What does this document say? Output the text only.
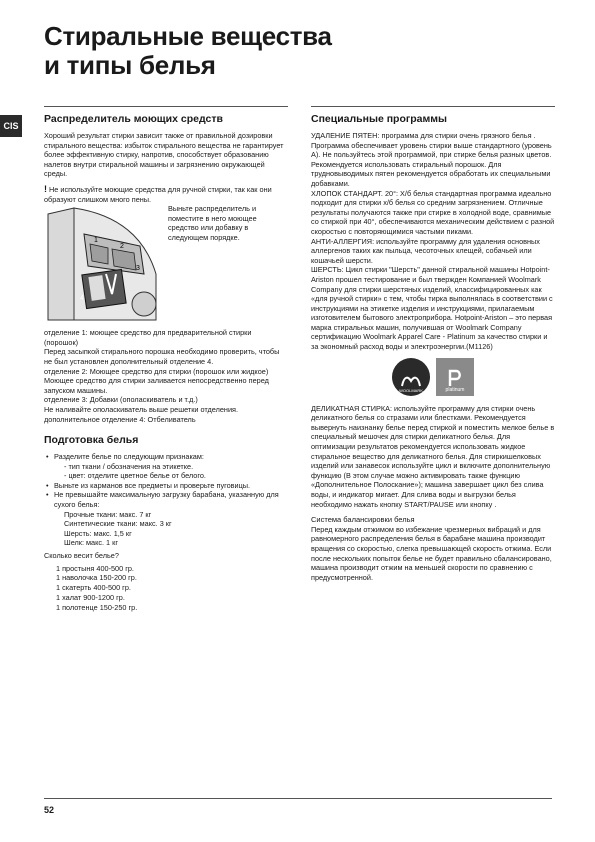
Стиральные вещества
и типы белья
CIS
Распределитель моющих средств

Хороший результат стирки зависит также от правильной дозировки стирального вещества: избыток стирального вещества не гарантирует более эффективную стирку, напротив, способствует образованию налетов внутри стиральной машины и загрязнению окружающей среды.

! Не используйте моющие средства для ручной стирки, так как они образуют слишком много пены.

1
2
3
4

Выньте распределитель и поместите в него моющее средство или добавку в следующем порядке.

отделение 1: моющее средство для предварительной стирки (порошок)

Перед засыпкой стирального порошка необходимо проверить, чтобы не был установлен дополнительный отделение 4.

отделение 2: Моющее средство для стирки (порошок или жидкое)

Моющее средство для стирки заливается непосредственно перед запуском машины.

отделение 3: Добавки (ополаскиватель и т.д.)

Не наливайте ополаскиватель выше решетки отделения.

дополнительное отделение 4: Отбеливатель

Подготовка белья
• Разделите белье по следующим признакам:
- тип ткани / обозначения на этикетке.
- цвет: отделите цветное белье от белого.
• Выньте из карманов все предметы и проверьте пуговицы.
• Не превышайте максимальную загрузку барабана, указанную для сухого белья:
Прочные ткани: макс. 7 кг
Синтетические ткани: макс. 3 кг
Шерсть: макс. 1,5 кг
Шелк: макс. 1 кг

Сколько весит белье?

1 простыня 400-500 гр.
1 наволочка 150-200 гр.
1 скатерть 400-500 гр.
1 халат 900-1200 гр.
1 полотенце 150-250 гр.
Специальные программы

УДАЛЕНИЕ ПЯТЕН: программа для стирки очень грязного белья . Программа обеспечивает уровень стирки выше стандартного (уровень A). Не пользуйтесь этой программой, при стирке белья разных цветов. Рекомендуется использовать стиральный порошок. Для трудновыводимых пятен рекомендуется обработать их специальными добавками.

ХЛОПОК СТАНДАРТ. 20°: Х/б белья стандартная программа идеально подходит для стирки х/б белья со средним загрязнением. Отличные результаты получаются также при стирке в холодной воде, сравнимые со стиркой при 40°, обеспечиваются механическим действием с разной скоростью с повторяющимися частыми пиками.

АНТИ-АЛЛЕРГИЯ: используйте программу для удаления основных аллергенов таких как пыльца, чесоточных клещей, собачьей или кошачьей шерсти.

ШЕРСТЬ: Цикл стирки "Шерсть" данной стиральной машины Hotpoint-Ariston прошел тестирование и был твержден Компанией Woolmark Company для стирки шерстяных изделий, классифицированных как «для ручной стирки» с тем, чтобы тирка выполнялась в соответствии с инструкциями на этикетке изделия и инструкциями, прилагаемым изготовителем бытового электроприбора. Hotpoint-Ariston – это первая марка стиральных машин, получившая от Woolmark Company сертификацию Woolmark Apparel Care - Platinum за качество стирки и за экономный расход воды и электроэнергии.(M1126)

WOOLMARK	platinum

ДЕЛИКАТНАЯ СТИРКА: используйте программу для стирки очень деликатного белья со стразами или блестками. Рекомендуется вывернуть наизнанку белье перед стиркой и поместить мелкое белье в специальный мешочек для стирки деликатного белья. Для оптимизации результатов рекомендуется использовать жидкое стиральное вещество для деликатного белья. Для стиркишелковых изделий или занавесок используйте цикл и включите дополнительную функцию (В этом случае можно активировать также функцию «Дополнительное Полоскание»); машина завершает цикл без слива воды, и индикатор мигает. Для слива воды и выгрузки белья необходимо нажать кнопку START/PAUSE или кнопку .

Система балансировки белья

Перед каждым отжимом во избежание чрезмерных вибраций и для равномерного распределения белья в барабане машина производит вращения со скоростью, слегка превышающей скорость отжима. Если после нескольких попыток белье не будет правильно сбалансировано, машина производит отжим на меньшей скорости по сравнению с предусмотренной.

52
